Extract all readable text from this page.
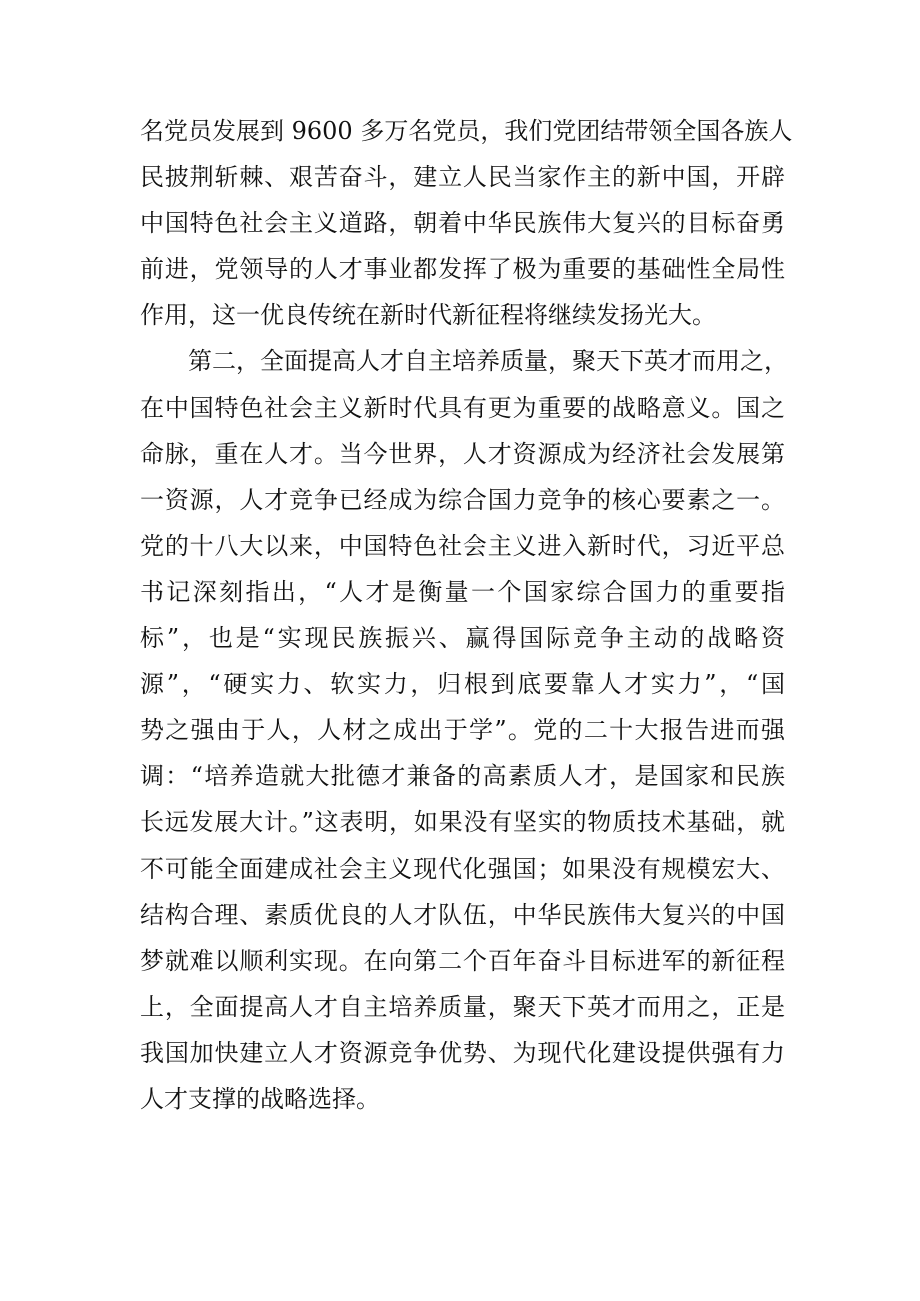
名党员发展到 9600 多万名党员，我们党团结带领全国各族人
民披荆斩棘、艰苦奋斗，建立人民当家作主的新中国，开辟
中国特色社会主义道路，朝着中华民族伟大复兴的目标奋勇
前进，党领导的人才事业都发挥了极为重要的基础性全局性
作用，这一优良传统在新时代新征程将继续发扬光大。
第二，全面提高人才自主培养质量，聚天下英才而用之，
在中国特色社会主义新时代具有更为重要的战略意义。国之
命脉，重在人才。当今世界，人才资源成为经济社会发展第
一资源，人才竞争已经成为综合国力竞争的核心要素之一。
党的十八大以来，中国特色社会主义进入新时代，习近平总
书记深刻指出，“人才是衡量一个国家综合国力的重要指
标”，也是“实现民族振兴、赢得国际竞争主动的战略资
源”，“硬实力、软实力，归根到底要靠人才实力”，“国
势之强由于人，人材之成出于学”。党的二十大报告进而强
调：“培养造就大批德才兼备的高素质人才，是国家和民族
长远发展大计。”这表明，如果没有坚实的物质技术基础，就
不可能全面建成社会主义现代化强国；如果没有规模宏大、
结构合理、素质优良的人才队伍，中华民族伟大复兴的中国
梦就难以顺利实现。在向第二个百年奋斗目标进军的新征程
上，全面提高人才自主培养质量，聚天下英才而用之，正是
我国加快建立人才资源竞争优势、为现代化建设提供强有力
人才支撑的战略选择。
